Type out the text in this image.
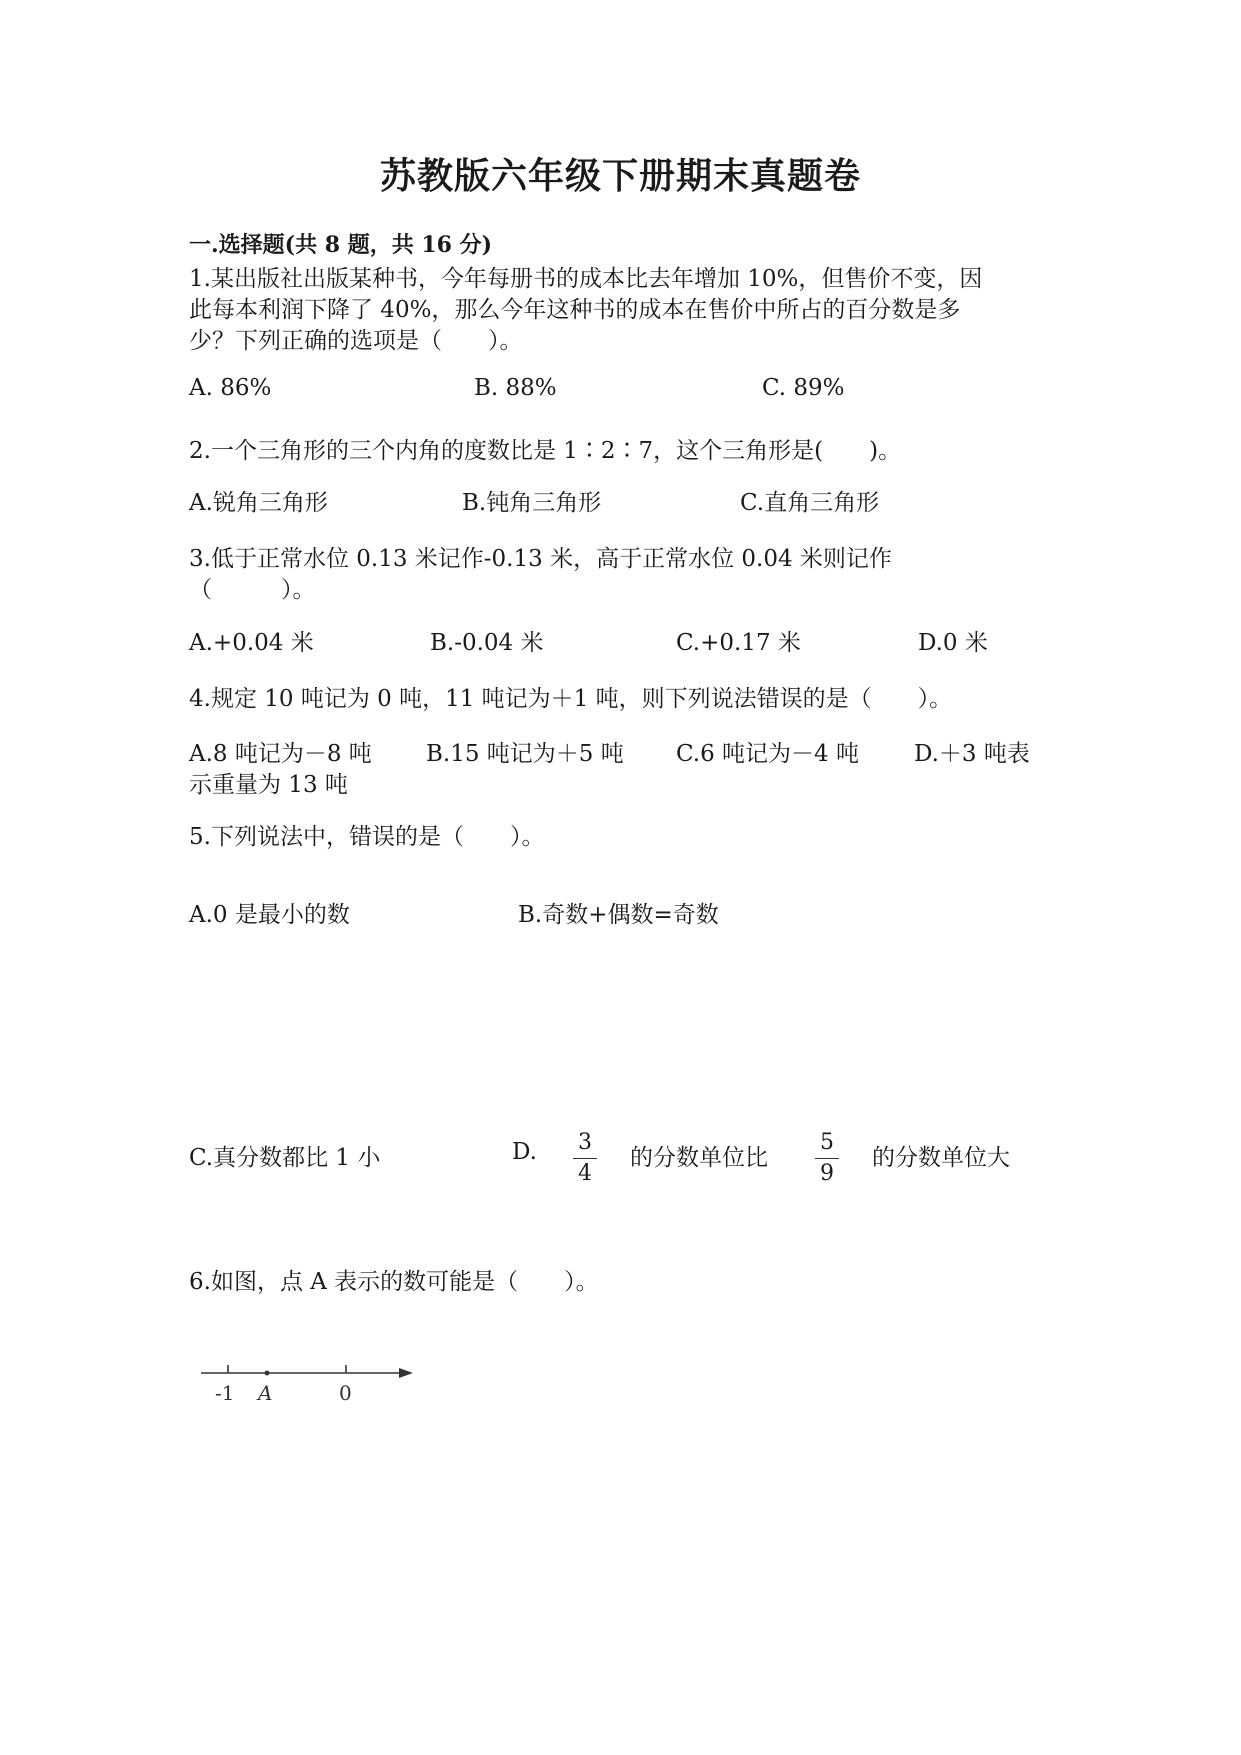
苏教版六年级下册期末真题卷
一.选择题(共 8 题，共 16 分)
1.某出版社出版某种书，今年每册书的成本比去年增加 10%，但售价不变，因
此每本利润下降了 40%，那么今年这种书的成本在售价中所占的百分数是多
少？下列正确的选项是（　　）。
A. 86%	B. 88%	C. 89%
2.一个三角形的三个内角的度数比是 1∶2∶7，这个三角形是(　　)。
A.锐角三角形	B.钝角三角形	C.直角三角形
3.低于正常水位 0.13 米记作-0.13 米，高于正常水位 0.04 米则记作
（　　　）。
A.+0.04 米	B.-0.04 米	C.+0.17 米	D.0 米
4.规定 10 吨记为 0 吨，11 吨记为＋1 吨，则下列说法错误的是（　　）。
A.8 吨记为－8 吨 B.15 吨记为＋5 吨 C.6 吨记为－4 吨 D.＋3 吨表
示重量为 13 吨
5.下列说法中，错误的是（　　）。
A.0 是最小的数	B.奇数+偶数=奇数
C.真分数都比 1 小	D.	3
4
的分数单位比
5
9
的分数单位大
6.如图，点 A 表示的数可能是（　　）。
-1 A	0
